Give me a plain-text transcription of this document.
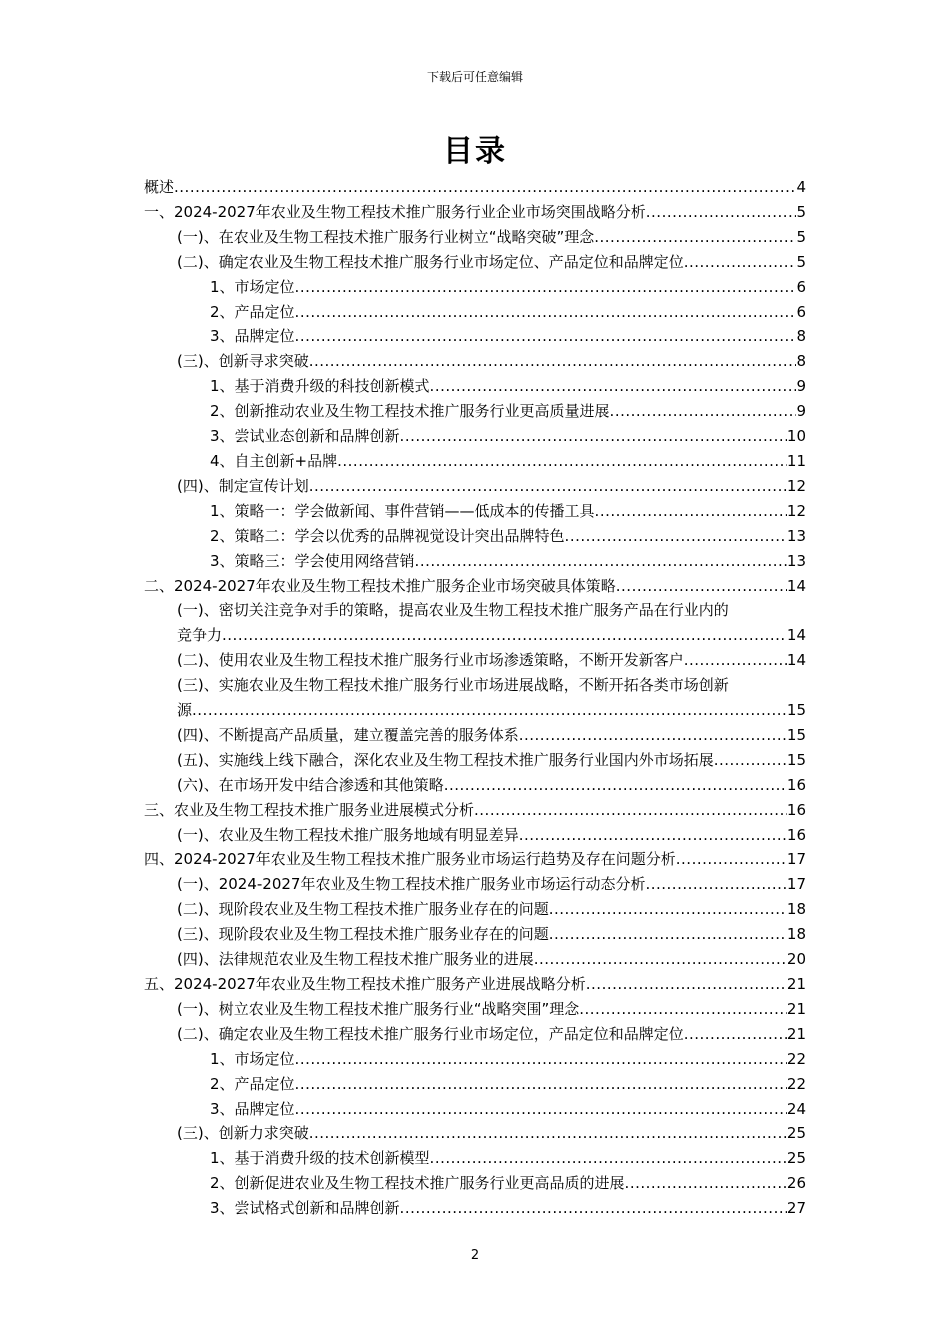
下载后可任意编辑
目录
概述 .....	4
一、2024-2027年农业及生物工程技术推广服务行业企业市场突围战略分析 .....	5
(一)、在农业及生物工程技术推广服务行业树立“战略突破”理念 .....	5
(二)、确定农业及生物工程技术推广服务行业市场定位、产品定位和品牌定位 .....	5
1、市场定位 .....	6
2、产品定位 .....	6
3、品牌定位 .....	8
(三)、创新寻求突破 .....	8
1、基于消费升级的科技创新模式 .....	9
2、创新推动农业及生物工程技术推广服务行业更高质量进展 .....	9
3、尝试业态创新和品牌创新 .....	10
4、自主创新+品牌 .....	11
(四)、制定宣传计划 .....	12
1、策略一：学会做新闻、事件营销——低成本的传播工具 .....	12
2、策略二：学会以优秀的品牌视觉设计突出品牌特色 .....	13
3、策略三：学会使用网络营销 .....	13
二、2024-2027年农业及生物工程技术推广服务企业市场突破具体策略 .....	14
(一)、密切关注竞争对手的策略，提高农业及生物工程技术推广服务产品在行业内的
竞争力 .....	14
(二)、使用农业及生物工程技术推广服务行业市场渗透策略，不断开发新客户 .....	14
(三)、实施农业及生物工程技术推广服务行业市场进展战略，不断开拓各类市场创新
源 .....	15
(四)、不断提高产品质量，建立覆盖完善的服务体系 .....	15
(五)、实施线上线下融合，深化农业及生物工程技术推广服务行业国内外市场拓展 .....	15
(六)、在市场开发中结合渗透和其他策略 .....	16
三、农业及生物工程技术推广服务业进展模式分析 .....	16
(一)、农业及生物工程技术推广服务地域有明显差异 .....	16
四、2024-2027年农业及生物工程技术推广服务业市场运行趋势及存在问题分析 .....	17
(一)、2024-2027年农业及生物工程技术推广服务业市场运行动态分析 .....	17
(二)、现阶段农业及生物工程技术推广服务业存在的问题 .....	18
(三)、现阶段农业及生物工程技术推广服务业存在的问题 .....	18
(四)、法律规范农业及生物工程技术推广服务业的进展 .....	20
五、2024-2027年农业及生物工程技术推广服务产业进展战略分析 .....	21
(一)、树立农业及生物工程技术推广服务行业“战略突围”理念 .....	21
(二)、确定农业及生物工程技术推广服务行业市场定位，产品定位和品牌定位 .....	21
1、市场定位 .....	22
2、产品定位 .....	22
3、品牌定位 .....	24
(三)、创新力求突破 .....	25
1、基于消费升级的技术创新模型 .....	25
2、创新促进农业及生物工程技术推广服务行业更高品质的进展 .....	26
3、尝试格式创新和品牌创新 .....	27
2
